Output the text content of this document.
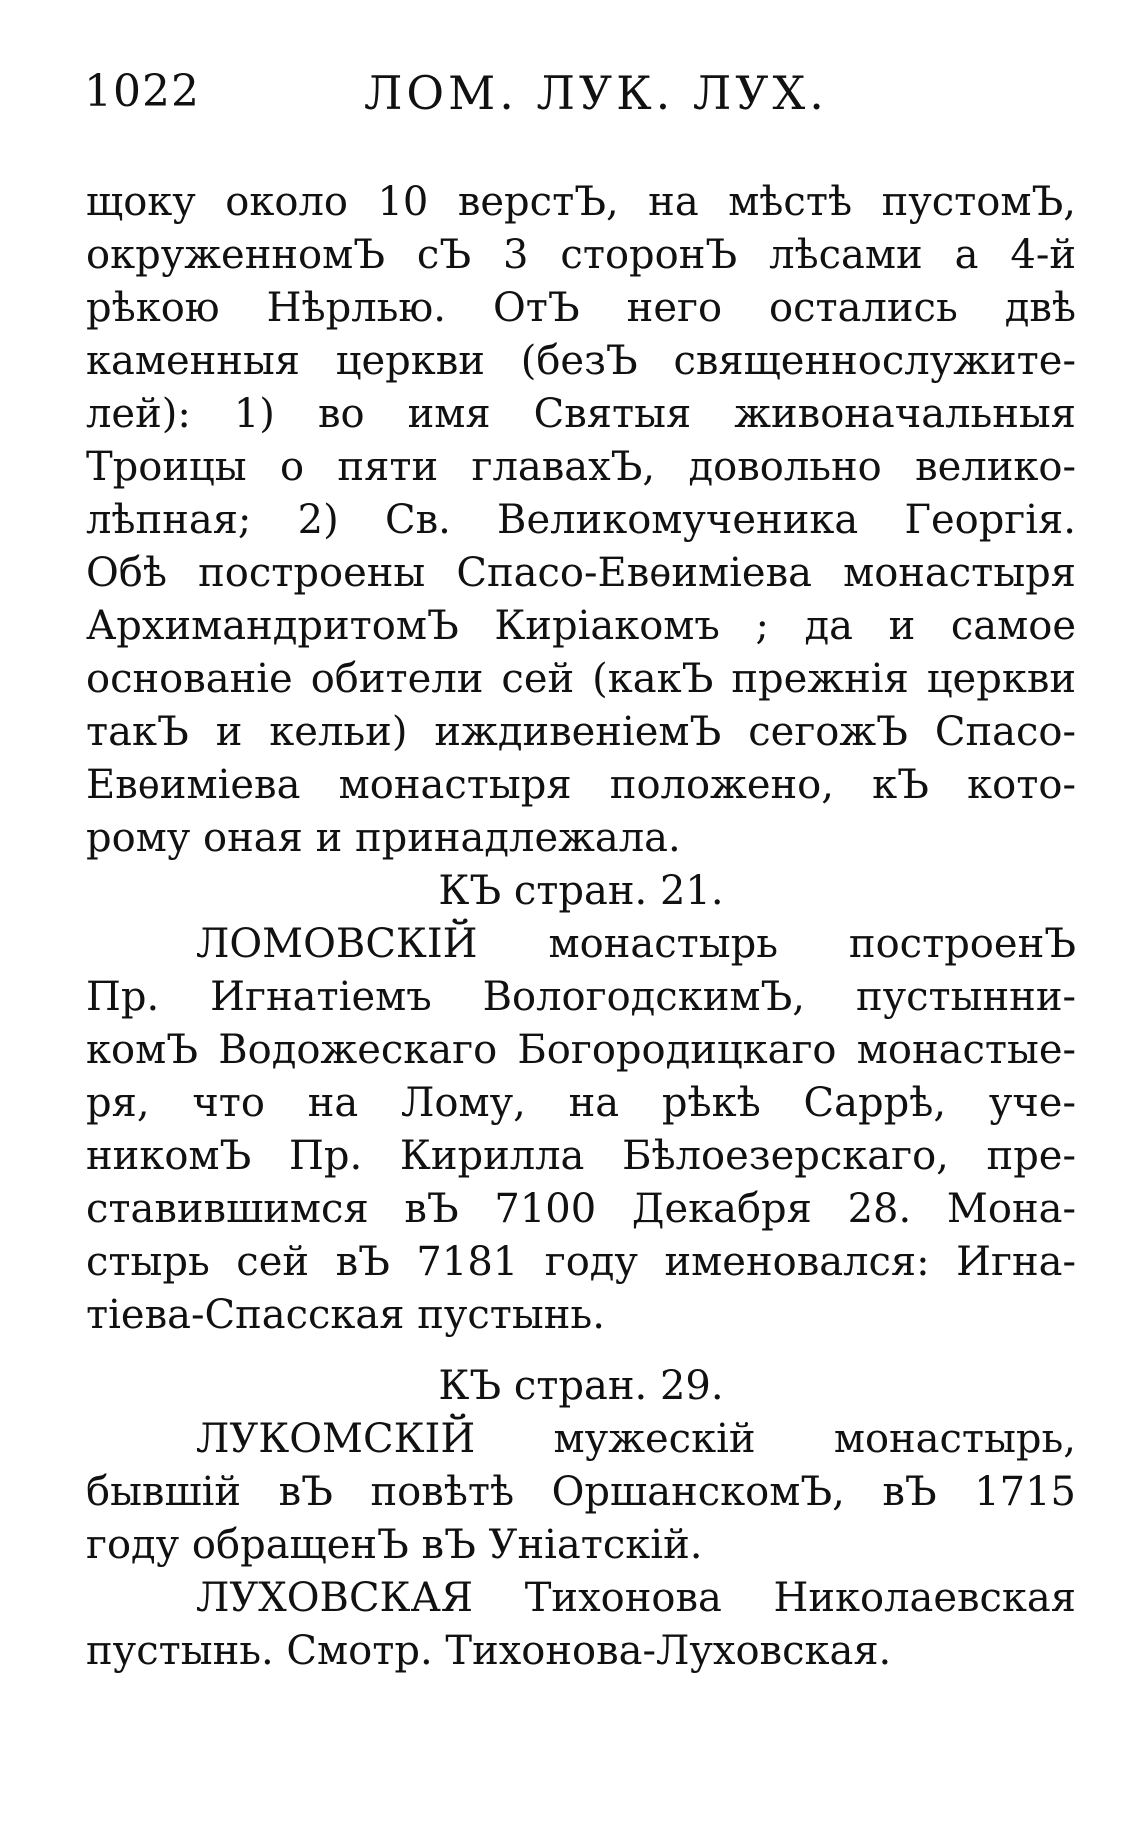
1022	ЛОМ. ЛУК. ЛУХ.
щоку около 10 верстЪ, на мѣстѣ пустомЪ,
окруженномЪ сЪ 3 сторонЪ лѣсами а 4-й
рѣкою Нѣрлью. ОтЪ него остались двѣ
каменныя церкви (безЪ священнослужите-
лей): 1) во имя Святыя живоначальныя
Троицы о пяти главахЪ, довольно велико-
лѣпная; 2) Св. Великомученика Георгія.
Обѣ построены Спасо-Евѳимiева монастыря
АрхимандритомЪ Кирiакомъ ; да и самое
основанiе обители сей (какЪ прежнiя церкви
такЪ и кельи) иждивенiемЪ сегожЪ Спасо-
Евѳимiева монастыря положено, кЪ кото-
рому оная и принадлежала.
КЪ стран. 21.
ЛОМОВСКIЙ монастырь построенЪ
Пр. Игнатiемъ ВологодскимЪ, пустынни-
комЪ Водожескаго Богородицкаго монастые-
ря, что на Лому, на рѣкѣ Саррѣ, уче-
никомЪ Пр. Кирилла Бѣлоезерскаго, пре-
ставившимся вЪ 7100 Декабря 28. Мона-
стырь сей вЪ 7181 году именовался: Игна-
тiева-Спасская пустынь.
КЪ стран. 29.
ЛУКОМСКIЙ мужескiй монастырь,
бывшiй вЪ повѣтѣ ОршанскомЪ, вЪ 1715
году обращенЪ вЪ Унiатскiй.
ЛУХОВСКАЯ Тихонова Николаевская
пустынь. Смотр. Тихонова-Луховская.
